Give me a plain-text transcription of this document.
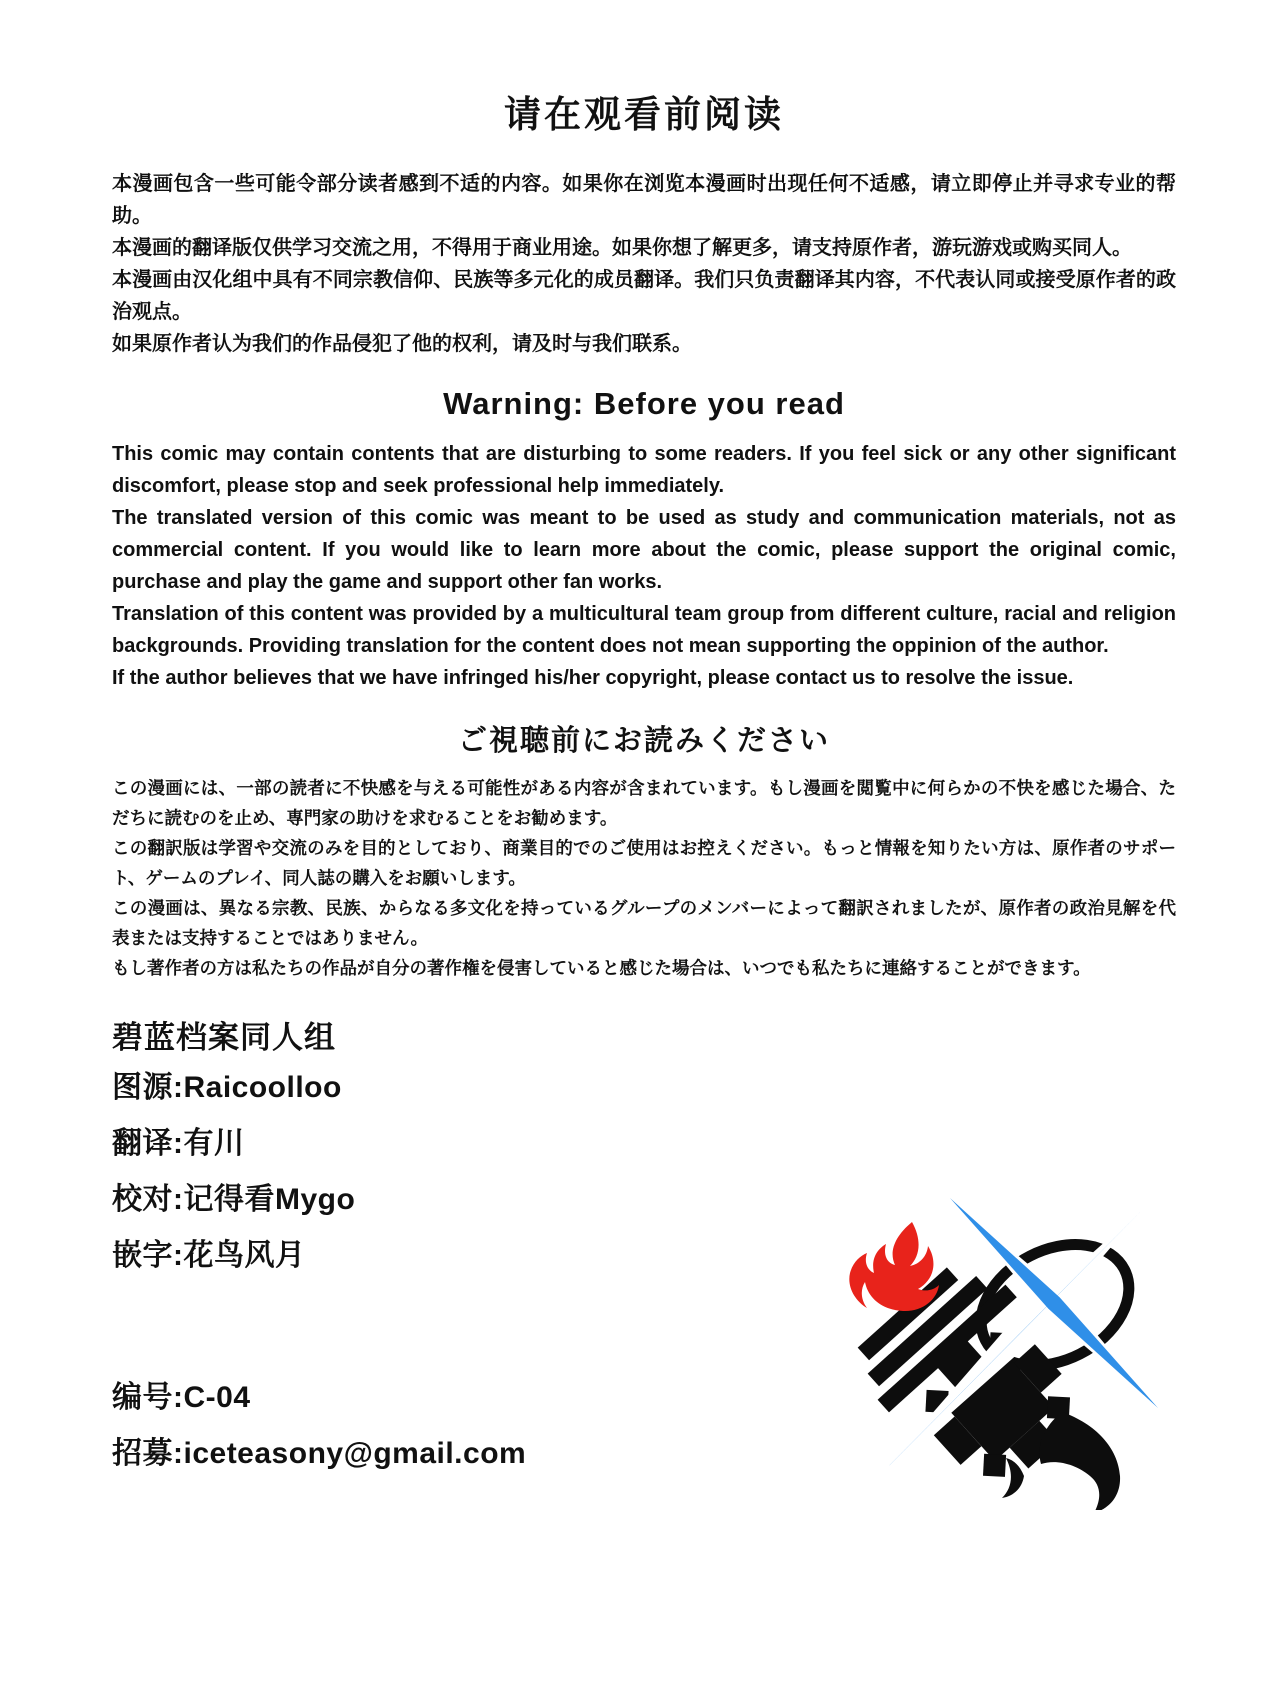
请在观看前阅读

本漫画包含一些可能令部分读者感到不适的内容。如果你在浏览本漫画时出现任何不适感，请立即停止并寻求专业的帮助。

本漫画的翻译版仅供学习交流之用，不得用于商业用途。如果你想了解更多，请支持原作者，游玩游戏或购买同人。

本漫画由汉化组中具有不同宗教信仰、民族等多元化的成员翻译。我们只负责翻译其内容，不代表认同或接受原作者的政治观点。

如果原作者认为我们的作品侵犯了他的权利，请及时与我们联系。

Warning: Before you read

This comic may contain contents that are disturbing to some readers. If you feel sick or any other significant discomfort, please stop and seek professional help immediately.

The translated version of this comic was meant to be used as study and communication materials, not as commercial content. If you would like to learn more about the comic, please support the original comic, purchase and play the game and support other fan works.

Translation of this content was provided by a multicultural team group from different culture, racial and religion backgrounds. Providing translation for the content does not mean supporting the oppinion of the author.

If the author believes that we have infringed his/her copyright, please contact us to resolve the issue.

ご視聴前にお読みください

この漫画には、一部の読者に不快感を与える可能性がある内容が含まれています。もし漫画を閲覧中に何らかの不快を感じた場合、ただちに読むのを止め、専門家の助けを求むることをお勧めます。

この翻訳版は学習や交流のみを目的としており、商業目的でのご使用はお控えください。もっと情報を知りたい方は、原作者のサポート、ゲームのプレイ、同人誌の購入をお願いします。

この漫画は、異なる宗教、民族、からなる多文化を持っているグループのメンバーによって翻訳されましたが、原作者の政治見解を代表または支持することではありません。

もし著作者の方は私たちの作品が自分の著作権を侵害していると感じた場合は、いつでも私たちに連絡することができます。

碧蓝档案同人组
图源:Raicoolloo
翻译:有川
校对:记得看Mygo
嵌字:花鸟风月
编号:C-04
招募:iceteasony@gmail.com
